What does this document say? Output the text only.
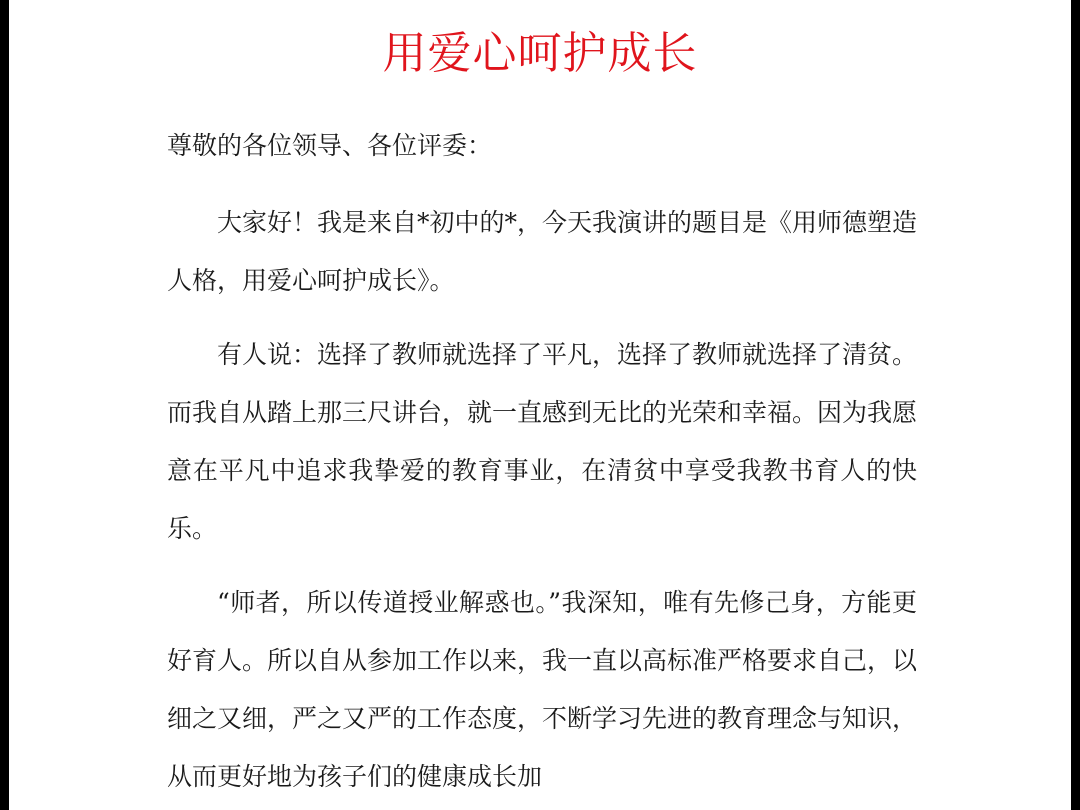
用爱心呵护成长

尊敬的各位领导、各位评委：

大家好！我是来自*初中的*，今天我演讲的题目是《用师德塑造人格，用爱心呵护成长》。

有人说：选择了教师就选择了平凡，选择了教师就选择了清贫。而我自从踏上那三尺讲台，就一直感到无比的光荣和幸福。因为我愿意在平凡中追求我挚爱的教育事业，在清贫中享受我教书育人的快乐。

“师者，所以传道授业解惑也。”我深知，唯有先修己身，方能更好育人。所以自从参加工作以来，我一直以高标准严格要求自己，以细之又细，严之又严的工作态度，不断学习先进的教育理念与知识，从而更好地为孩子们的健康成长加
